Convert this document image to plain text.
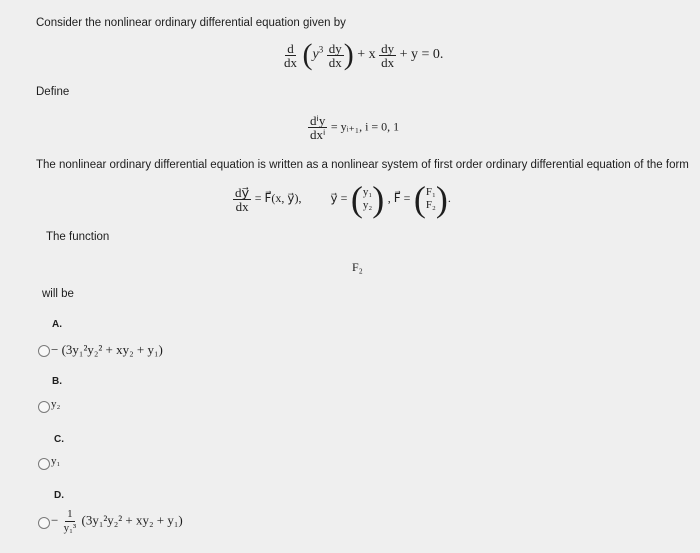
Consider the nonlinear ordinary differential equation given by
$\frac{d}{dx} (y^3 \frac{dy}{dx}$ ) + x $\frac{dy}{dx} + y = 0$.
Define
$\frac{\text{dⁱy}}{\text{dxⁱ}}$ = yᵢ₊₁, i = 0, 1
The nonlinear ordinary differential equation is written as a nonlinear system of first order ordinary differential equation of the form
$\frac{dy⃗}{dx}$ = F⃗(x, y⃗), y⃗ = ( y₁
y₂ ) , F⃗ = ( F₁
F₂ ).
The function
F₂
will be
A.
− (3y₁²y₂² + xy₂ + y₁)
B.
y₂
C.
y₁
D.
− $\frac{1}{\text{y₁³}} (3y_1^2y_2^2 + xy_2 + y_1)$
